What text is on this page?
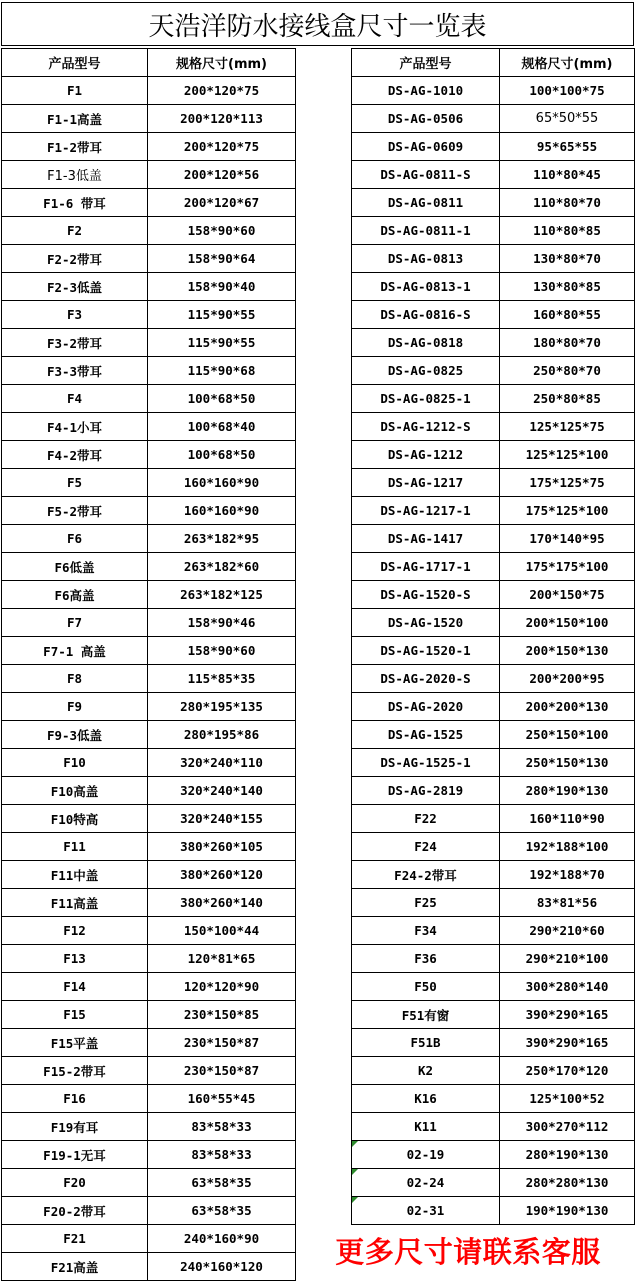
天浩洋防水接线盒尺寸一览表
产品型号	规格尺寸(mm)
F1	200*120*75
F1-1高盖	200*120*113
F1-2带耳	200*120*75
F1-3低盖	200*120*56
F1-6 带耳	200*120*67
F2	158*90*60
F2-2带耳	158*90*64
F2-3低盖	158*90*40
F3	115*90*55
F3-2带耳	115*90*55
F3-3带耳	115*90*68
F4	100*68*50
F4-1小耳	100*68*40
F4-2带耳	100*68*50
F5	160*160*90
F5-2带耳	160*160*90
F6	263*182*95
F6低盖	263*182*60
F6高盖	263*182*125
F7	158*90*46
F7-1 高盖	158*90*60
F8	115*85*35
F9	280*195*135
F9-3低盖	280*195*86
F10	320*240*110
F10高盖	320*240*140
F10特高	320*240*155
F11	380*260*105
F11中盖	380*260*120
F11高盖	380*260*140
F12	150*100*44
F13	120*81*65
F14	120*120*90
F15	230*150*85
F15平盖	230*150*87
F15-2带耳	230*150*87
F16	160*55*45
F19有耳	83*58*33
F19-1无耳	83*58*33
F20	63*58*35
F20-2带耳	63*58*35
F21	240*160*90
F21高盖	240*160*120
产品型号	规格尺寸(mm)
DS-AG-1010	100*100*75
DS-AG-0506	65*50*55
DS-AG-0609	95*65*55
DS-AG-0811-S	110*80*45
DS-AG-0811	110*80*70
DS-AG-0811-1	110*80*85
DS-AG-0813	130*80*70
DS-AG-0813-1	130*80*85
DS-AG-0816-S	160*80*55
DS-AG-0818	180*80*70
DS-AG-0825	250*80*70
DS-AG-0825-1	250*80*85
DS-AG-1212-S	125*125*75
DS-AG-1212	125*125*100
DS-AG-1217	175*125*75
DS-AG-1217-1	175*125*100
DS-AG-1417	170*140*95
DS-AG-1717-1	175*175*100
DS-AG-1520-S	200*150*75
DS-AG-1520	200*150*100
DS-AG-1520-1	200*150*130
DS-AG-2020-S	200*200*95
DS-AG-2020	200*200*130
DS-AG-1525	250*150*100
DS-AG-1525-1	250*150*130
DS-AG-2819	280*190*130
F22	160*110*90
F24	192*188*100
F24-2带耳	192*188*70
F25	83*81*56
F34	290*210*60
F36	290*210*100
F50	300*280*140
F51有窗	390*290*165
F51B	390*290*165
K2	250*170*120
K16	125*100*52
K11	300*270*112
02-19	280*190*130
02-24	280*280*130
02-31	190*190*130
更多尺寸请联系客服
